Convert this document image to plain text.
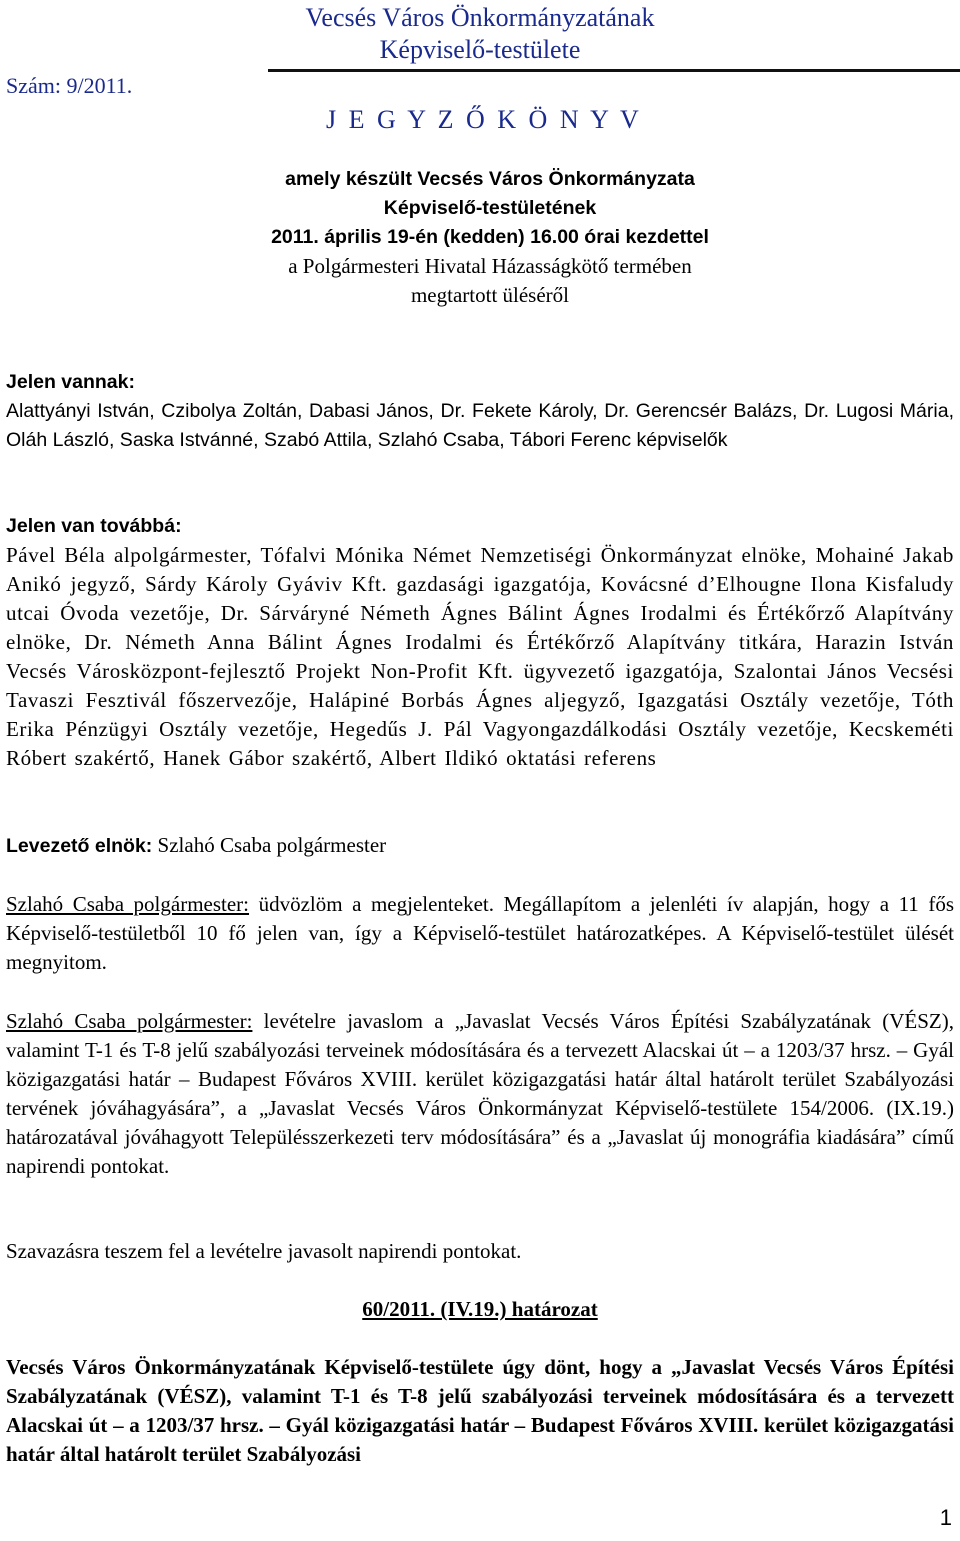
Vecsés Város Önkormányzatának
Képviselő-testülete
Szám: 9/2011.
J E G Y Z Ő K Ö N Y V
amely készült Vecsés Város Önkormányzata
Képviselő-testületének
2011. április 19-én (kedden) 16.00 órai kezdettel
a Polgármesteri Hivatal Házasságkötő termében
megtartott üléséről
Jelen vannak:
Alattyányi István, Czibolya Zoltán, Dabasi János, Dr. Fekete Károly, Dr. Gerencsér Balázs, Dr. Lugosi Mária, Oláh László, Saska Istvánné, Szabó Attila, Szlahó Csaba, Tábori Ferenc képviselők
Jelen van továbbá:
Pável Béla alpolgármester, Tófalvi Mónika Német Nemzetiségi Önkormányzat elnöke, Mohainé Jakab Anikó jegyző, Sárdy Károly Gyáviv Kft. gazdasági igazgatója, Kovácsné d’Elhougne Ilona Kisfaludy utcai Óvoda vezetője, Dr. Sárváryné Németh Ágnes Bálint Ágnes Irodalmi és Értékőrző Alapítvány elnöke, Dr. Németh Anna Bálint Ágnes Irodalmi és Értékőrző Alapítvány titkára, Harazin István Vecsés Városközpont-fejlesztő Projekt Non-Profit Kft. ügyvezető igazgatója, Szalontai János Vecsési Tavaszi Fesztivál főszervezője, Halápiné Borbás Ágnes aljegyző, Igazgatási Osztály vezetője, Tóth Erika Pénzügyi Osztály vezetője, Hegedűs J. Pál Vagyongazdálkodási Osztály vezetője, Kecskeméti Róbert szakértő, Hanek Gábor szakértő, Albert Ildikó oktatási referens
Levezető elnök: Szlahó Csaba polgármester
Szlahó Csaba polgármester: üdvözlöm a megjelenteket. Megállapítom a jelenléti ív alapján, hogy a 11 fős Képviselő-testületből 10 fő jelen van, így a Képviselő-testület határozatképes. A Képviselő-testület ülését megnyitom.
Szlahó Csaba polgármester: levételre javaslom a „Javaslat Vecsés Város Építési Szabályzatának (VÉSZ), valamint T-1 és T-8 jelű szabályozási terveinek módosítására és a tervezett Alacskai út – a 1203/37 hrsz. – Gyál közigazgatási határ – Budapest Főváros XVIII. kerület közigazgatási határ által határolt terület Szabályozási tervének jóváhagyására”, a „Javaslat Vecsés Város Önkormányzat Képviselő-testülete 154/2006. (IX.19.) határozatával jóváhagyott Településszerkezeti terv módosítására” és a „Javaslat új monográfia kiadására” című napirendi pontokat.
Szavazásra teszem fel a levételre javasolt napirendi pontokat.
60/2011. (IV.19.) határozat
Vecsés Város Önkormányzatának Képviselő-testülete úgy dönt, hogy a „Javaslat Vecsés Város Építési Szabályzatának (VÉSZ), valamint T-1 és T-8 jelű szabályozási terveinek módosítására és a tervezett Alacskai út – a 1203/37 hrsz. – Gyál közigazgatási határ – Budapest Főváros XVIII. kerület közigazgatási határ által határolt terület Szabályozási
1
